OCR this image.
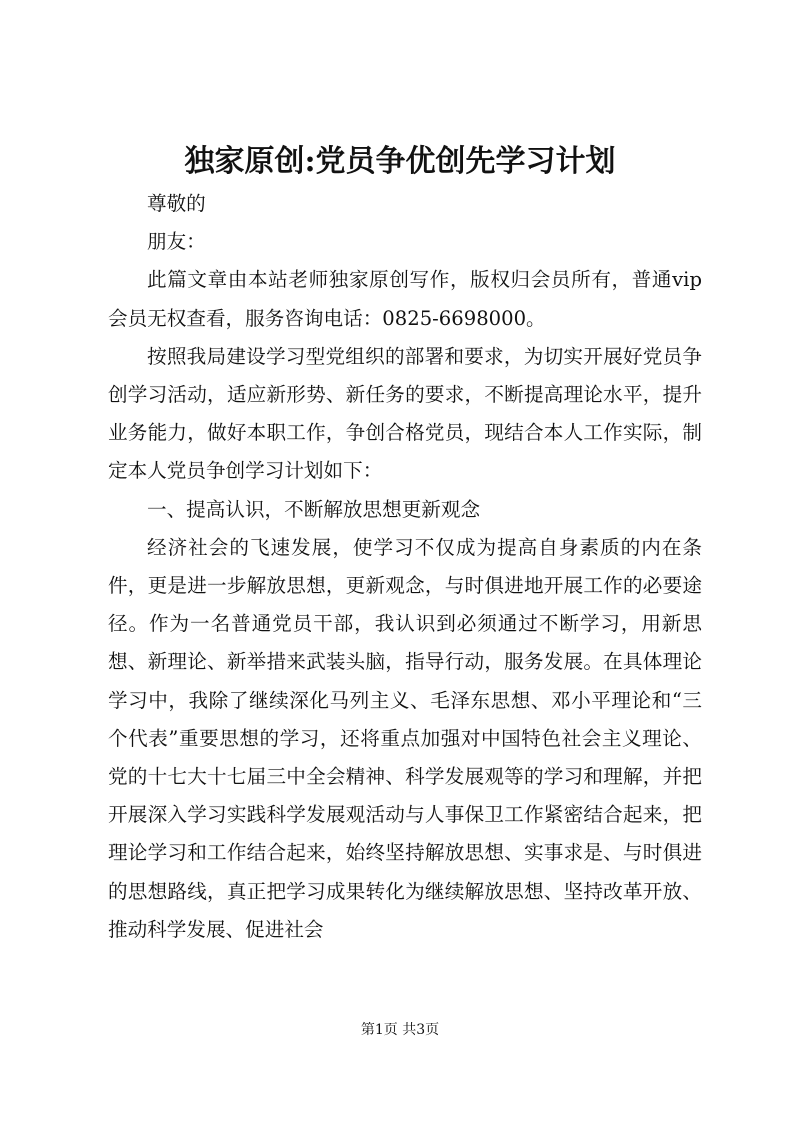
独家原创:党员争优创先学习计划

尊敬的

朋友：

此篇文章由本站老师独家原创写作，版权归会员所有，普通vip会员无权查看，服务咨询电话：0825-6698000。

按照我局建设学习型党组织的部署和要求，为切实开展好党员争创学习活动，适应新形势、新任务的要求，不断提高理论水平，提升业务能力，做好本职工作，争创合格党员，现结合本人工作实际，制定本人党员争创学习计划如下：

一、提高认识，不断解放思想更新观念

经济社会的飞速发展，使学习不仅成为提高自身素质的内在条件，更是进一步解放思想，更新观念，与时俱进地开展工作的必要途径。作为一名普通党员干部，我认识到必须通过不断学习，用新思想、新理论、新举措来武装头脑，指导行动，服务发展。在具体理论学习中，我除了继续深化马列主义、毛泽东思想、邓小平理论和“三个代表”重要思想的学习，还将重点加强对中国特色社会主义理论、党的十七大十七届三中全会精神、科学发展观等的学习和理解，并把开展深入学习实践科学发展观活动与人事保卫工作紧密结合起来，把理论学习和工作结合起来，始终坚持解放思想、实事求是、与时俱进的思想路线，真正把学习成果转化为继续解放思想、坚持改革开放、推动科学发展、促进社会

第1页 共3页
